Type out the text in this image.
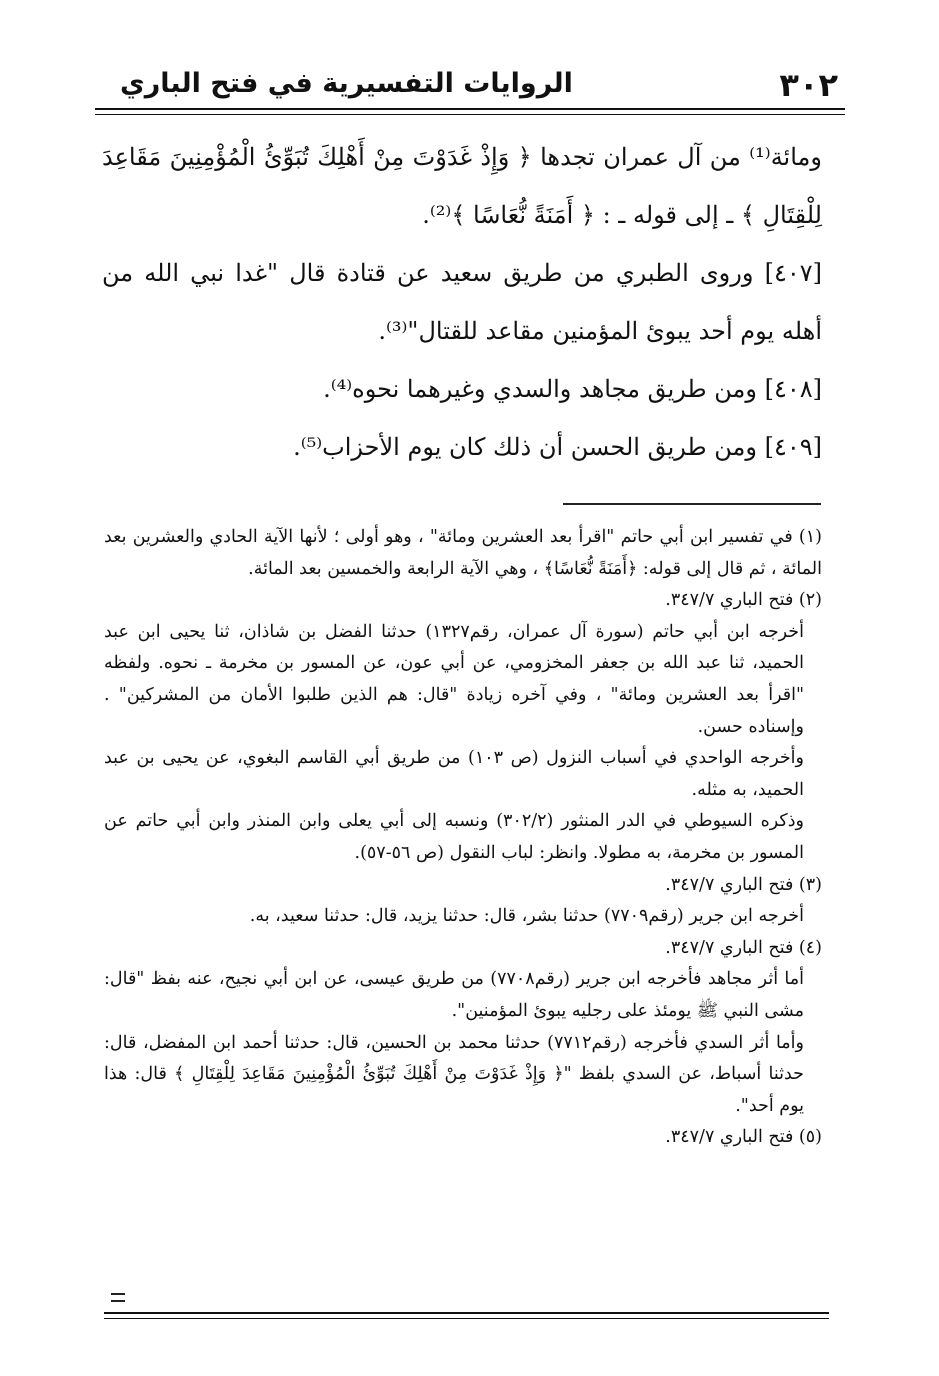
٣٠٢
الروايات التفسيرية في فتح الباري

ومائة⁽¹⁾ من آل عمران تجدها ﴿ وَإِذْ غَدَوْتَ مِنْ أَهْلِكَ تُبَوِّئُ الْمُؤْمِنِينَ مَقَاعِدَ لِلْقِتَالِ ﴾ ـ إلى قوله ـ : ﴿ أَمَنَةً نُّعَاسًا ﴾⁽²⁾.

[٤٠٧] وروى الطبري من طريق سعيد عن قتادة قال "غدا نبي الله من أهله يوم أحد يبوئ المؤمنين مقاعد للقتال"⁽³⁾.

[٤٠٨] ومن طريق مجاهد والسدي وغيرهما نحوه⁽⁴⁾.

[٤٠٩] ومن طريق الحسن أن ذلك كان يوم الأحزاب⁽⁵⁾.

(١) في تفسير ابن أبي حاتم "اقرأ بعد العشرين ومائة" ، وهو أولى ؛ لأنها الآية الحادي والعشرين بعد المائة ، ثم قال إلى قوله: ﴿أَمَنَةً نُّعَاسًا﴾ ، وهي الآية الرابعة والخمسين بعد المائة.

(٢) فتح الباري ٣٤٧/٧.

أخرجه ابن أبي حاتم (سورة آل عمران، رقم١٣٢٧) حدثنا الفضل بن شاذان، ثنا يحيى ابن عبد الحميد، ثنا عبد الله بن جعفر المخزومي، عن أبي عون، عن المسور بن مخرمة ـ نحوه. ولفظه "اقرأ بعد العشرين ومائة" ، وفي آخره زيادة "قال: هم الذين طلبوا الأمان من المشركين" . وإسناده حسن.

وأخرجه الواحدي في أسباب النزول (ص ١٠٣) من طريق أبي القاسم البغوي، عن يحيى بن عبد الحميد، به مثله.

وذكره السيوطي في الدر المنثور (٣٠٢/٢) ونسبه إلى أبي يعلى وابن المنذر وابن أبي حاتم عن المسور بن مخرمة، به مطولا. وانظر: لباب النقول (ص ٥٦-٥٧).

(٣) فتح الباري ٣٤٧/٧.

أخرجه ابن جرير (رقم٧٧٠٩) حدثنا بشر، قال: حدثنا يزيد، قال: حدثنا سعيد، به.

(٤) فتح الباري ٣٤٧/٧.

أما أثر مجاهد فأخرجه ابن جرير (رقم٧٧٠٨) من طريق عيسى، عن ابن أبي نجيح، عنه بفظ "قال: مشى النبي ﷺ يومئذ على رجليه يبوئ المؤمنين".

وأما أثر السدي فأخرجه (رقم٧٧١٢) حدثنا محمد بن الحسين، قال: حدثنا أحمد ابن المفضل، قال: حدثنا أسباط، عن السدي بلفظ "﴿ وَإِذْ غَدَوْتَ مِنْ أَهْلِكَ تُبَوِّئُ الْمُؤْمِنِينَ مَقَاعِدَ لِلْقِتَالِ ﴾ قال: هذا يوم أحد".

(٥) فتح الباري ٣٤٧/٧.
